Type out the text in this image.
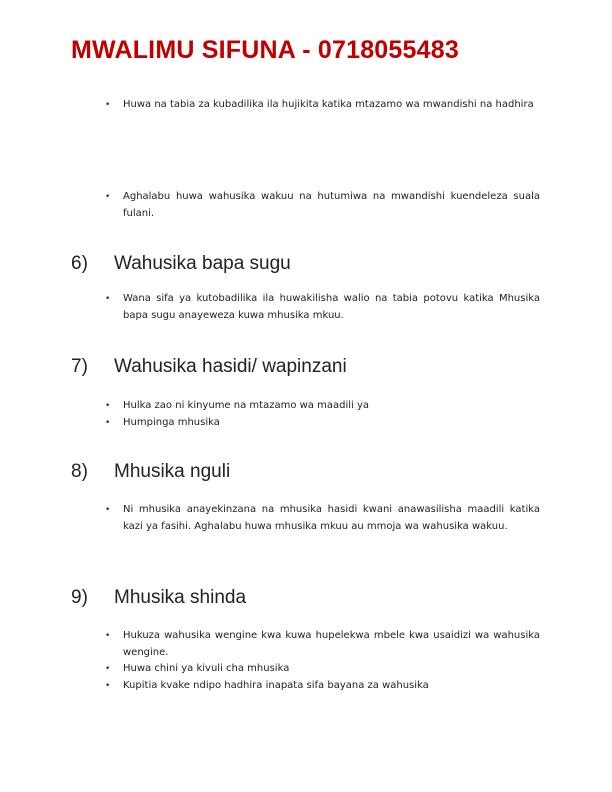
MWALIMU SIFUNA - 0718055483
• Huwa na tabia za kubadilika ila hujikita katika mtazamo wa mwandishi na hadhira
• Aghalabu huwa wahusika wakuu na hutumiwa na mwandishi kuendeleza suala fulani.
6) Wahusika bapa sugu
• Wana sifa ya kutobadilika ila huwakilisha walio na tabia potovu katika Mhusika bapa sugu anayeweza kuwa mhusika mkuu.
7) Wahusika hasidi/ wapinzani
• Hulka zao ni kinyume na mtazamo wa maadili ya
• Humpinga mhusika
8) Mhusika nguli
• Ni mhusika anayekinzana na mhusika hasidi kwani anawasilisha maadili katika kazi ya fasihi. Aghalabu huwa mhusika mkuu au mmoja wa wahusika wakuu.
9) Mhusika shinda
• Hukuza wahusika wengine kwa kuwa hupelekwa mbele kwa usaidizi wa wahusika wengine.
• Huwa chini ya kivuli cha mhusika
• Kupitia kvake ndipo hadhira inapata sifa bayana za wahusika
